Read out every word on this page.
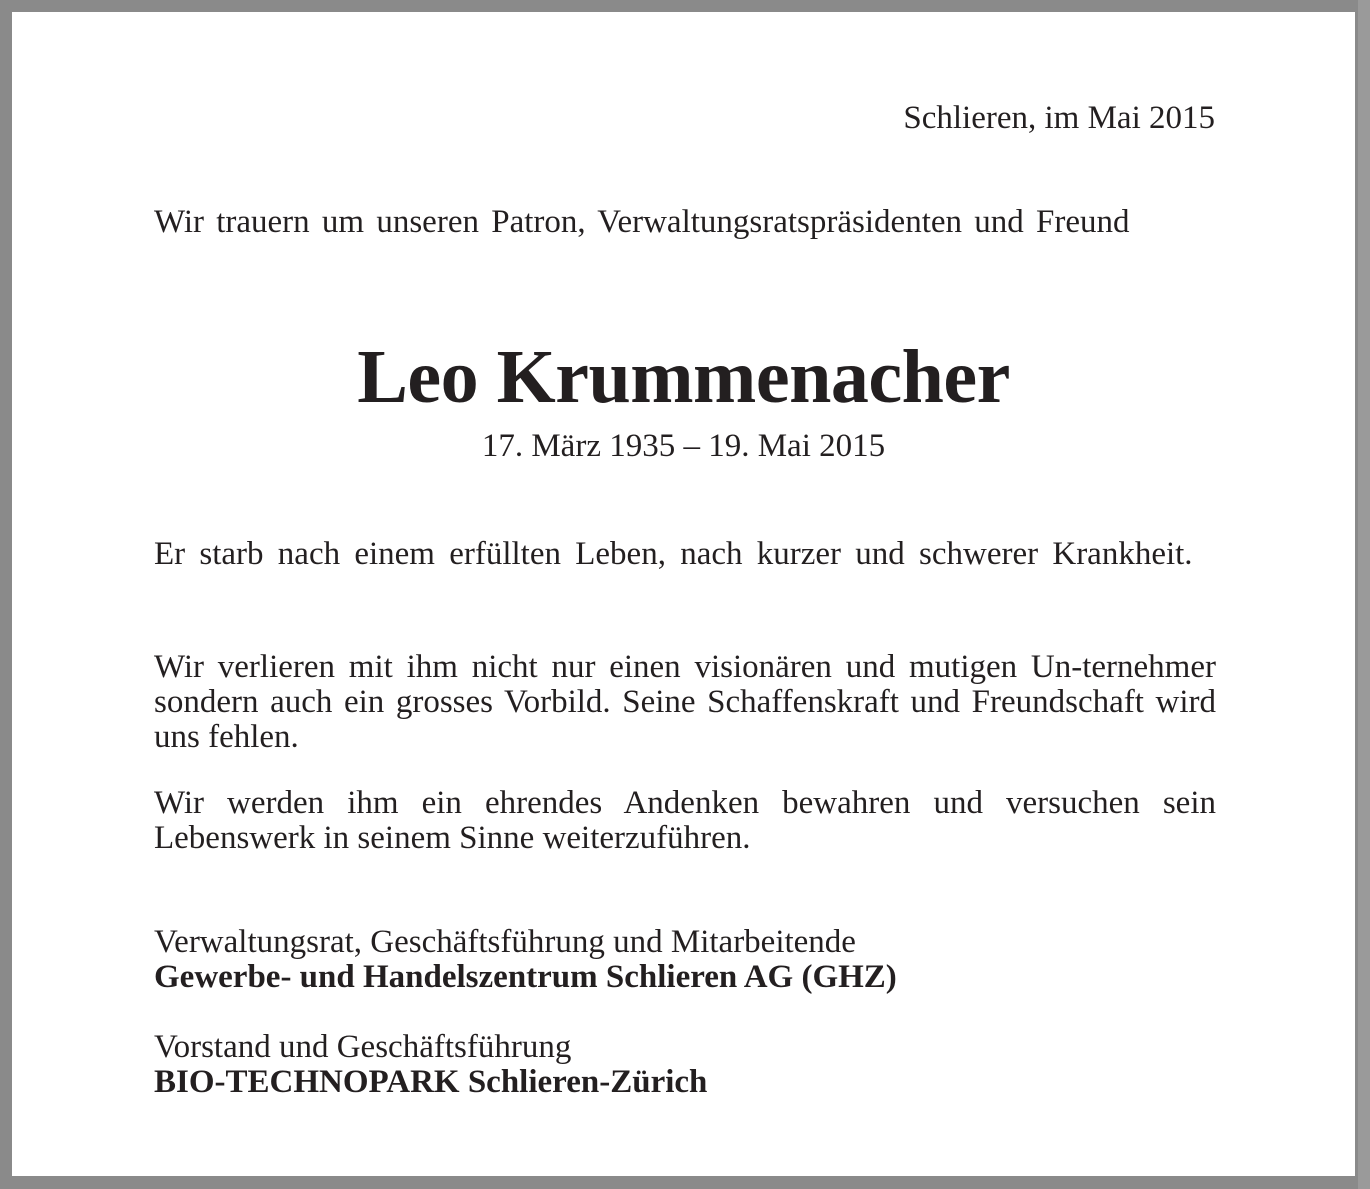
Schlieren, im Mai 2015
Wir trauern um unseren Patron, Verwaltungsratspräsidenten und Freund
Leo Krummenacher
17. März 1935 – 19. Mai 2015
Er starb nach einem erfüllten Leben, nach kurzer und schwerer Krankheit.
Wir verlieren mit ihm nicht nur einen visionären und mutigen Un-ternehmer sondern auch ein grosses Vorbild. Seine Schaffenskraft und Freundschaft wird uns fehlen.
Wir werden ihm ein ehrendes Andenken bewahren und versuchen sein Lebenswerk in seinem Sinne weiterzuführen.
Verwaltungsrat, Geschäftsführung und Mitarbeitende
Gewerbe- und Handelszentrum Schlieren AG (GHZ)
Vorstand und Geschäftsführung
BIO-TECHNOPARK Schlieren-Zürich
